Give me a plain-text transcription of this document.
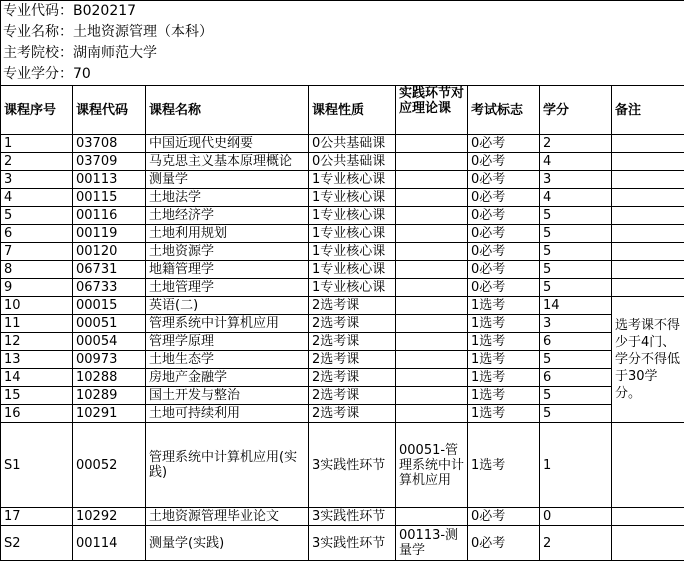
专业代码：B020217							
专业名称：土地资源管理（本科）							
主考院校：湖南师范大学							
专业学分：70							
课程序号	课程代码	课程名称	课程性质	实践环节对应理论课	考试标志	学分	备注
1	03708	中国近现代史纲要	0公共基础课		0必考	2	
2	03709	马克思主义基本原理概论	0公共基础课		0必考	4	
3	00113	测量学	1专业核心课		0必考	3	
4	00115	土地法学	1专业核心课		0必考	4	
5	00116	土地经济学	1专业核心课		0必考	5	
6	00119	土地利用规划	1专业核心课		0必考	5	
7	00120	土地资源学	1专业核心课		0必考	5	
8	06731	地籍管理学	1专业核心课		0必考	5	
9	06733	土地管理学	1专业核心课		0必考	5	
10	00015	英语(二)	2选考课		1选考	14	选考课不得少于4门、学分不得低于30学分。
11	00051	管理系统中计算机应用	2选考课		1选考	3	
12	00054	管理学原理	2选考课		1选考	6	
13	00973	土地生态学	2选考课		1选考	5	
14	10288	房地产金融学	2选考课		1选考	6	
15	10289	国土开发与整治	2选考课		1选考	5	
16	10291	土地可持续利用	2选考课		1选考	5	
S1	00052	管理系统中计算机应用(实践)	3实践性环节	00051-管理系统中计算机应用	1选考	1	
17	10292	土地资源管理毕业论文	3实践性环节		0必考	0	
S2	00114	测量学(实践)	3实践性环节	00113-测量学	0必考	2	
